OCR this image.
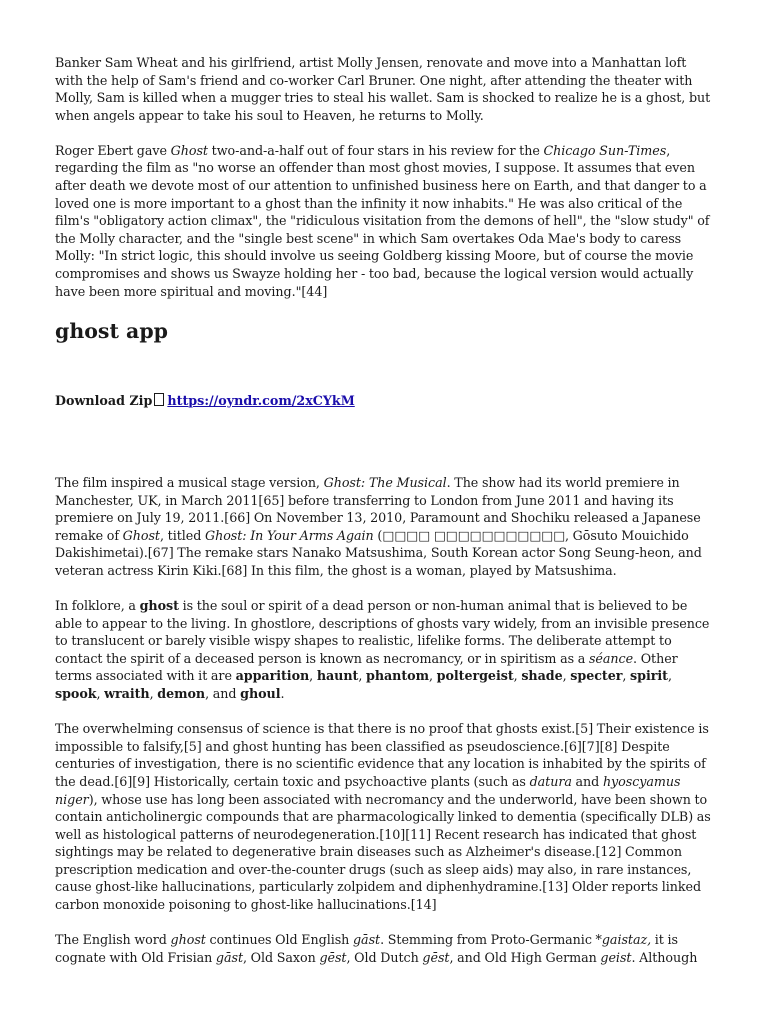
Banker Sam Wheat and his girlfriend, artist Molly Jensen, renovate and move into a Manhattan loft with the help of Sam's friend and co-worker Carl Bruner. One night, after attending the theater with Molly, Sam is killed when a mugger tries to steal his wallet. Sam is shocked to realize he is a ghost, but when angels appear to take his soul to Heaven, he returns to Molly.

Roger Ebert gave Ghost two-and-a-half out of four stars in his review for the Chicago Sun-Times, regarding the film as "no worse an offender than most ghost movies, I suppose. It assumes that even after death we devote most of our attention to unfinished business here on Earth, and that danger to a loved one is more important to a ghost than the infinity it now inhabits." He was also critical of the film's "obligatory action climax", the "ridiculous visitation from the demons of hell", the "slow study" of the Molly character, and the "single best scene" in which Sam overtakes Oda Mae's body to caress Molly: "In strict logic, this should involve us seeing Goldberg kissing Moore, but of course the movie compromises and shows us Swayze holding her - too bad, because the logical version would actually have been more spiritual and moving."[44]

ghost app
Download Zip https://oyndr.com/2xCYkM

The film inspired a musical stage version, Ghost: The Musical. The show had its world premiere in Manchester, UK, in March 2011[65] before transferring to London from June 2011 and having its premiere on July 19, 2011.[66] On November 13, 2010, Paramount and Shochiku released a Japanese remake of Ghost, titled Ghost: In Your Arms Again (□□□□ □□□□□□□□□□□, Gōsuto Mouichido Dakishimetai).[67] The remake stars Nanako Matsushima, South Korean actor Song Seung-heon, and veteran actress Kirin Kiki.[68] In this film, the ghost is a woman, played by Matsushima.

In folklore, a ghost is the soul or spirit of a dead person or non-human animal that is believed to be able to appear to the living. In ghostlore, descriptions of ghosts vary widely, from an invisible presence to translucent or barely visible wispy shapes to realistic, lifelike forms. The deliberate attempt to contact the spirit of a deceased person is known as necromancy, or in spiritism as a séance. Other terms associated with it are apparition, haunt, phantom, poltergeist, shade, specter, spirit, spook, wraith, demon, and ghoul.

The overwhelming consensus of science is that there is no proof that ghosts exist.[5] Their existence is impossible to falsify,[5] and ghost hunting has been classified as pseudoscience.[6][7][8] Despite centuries of investigation, there is no scientific evidence that any location is inhabited by the spirits of the dead.[6][9] Historically, certain toxic and psychoactive plants (such as datura and hyoscyamus niger), whose use has long been associated with necromancy and the underworld, have been shown to contain anticholinergic compounds that are pharmacologically linked to dementia (specifically DLB) as well as histological patterns of neurodegeneration.[10][11] Recent research has indicated that ghost sightings may be related to degenerative brain diseases such as Alzheimer's disease.[12] Common prescription medication and over-the-counter drugs (such as sleep aids) may also, in rare instances, cause ghost-like hallucinations, particularly zolpidem and diphenhydramine.[13] Older reports linked carbon monoxide poisoning to ghost-like hallucinations.[14]

The English word ghost continues Old English gāst. Stemming from Proto-Germanic *gaistaz, it is cognate with Old Frisian gāst, Old Saxon gēst, Old Dutch gēst, and Old High German geist. Although
